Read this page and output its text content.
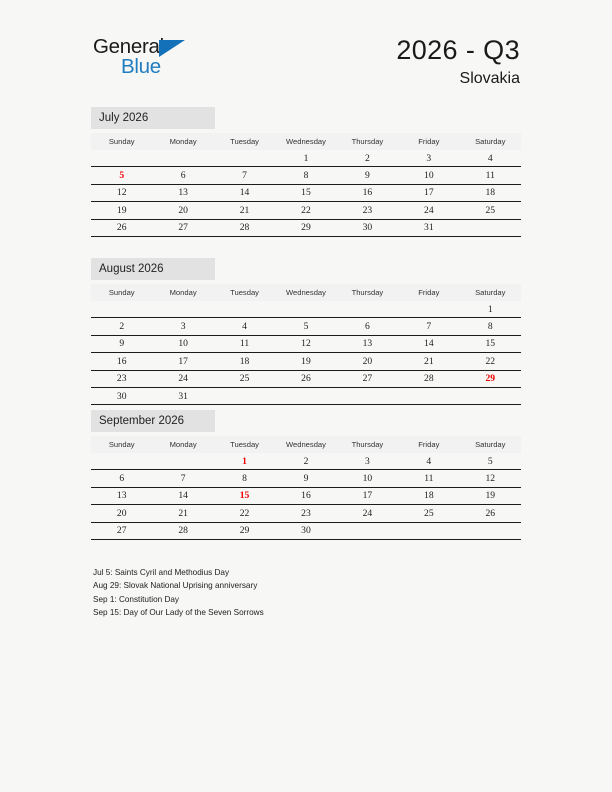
General
Blue
2026 - Q3
Slovakia
July 2026
Sunday	Monday	Tuesday	Wednesday	Thursday	Friday	Saturday
			1	2	3	4
5	6	7	8	9	10	11
12	13	14	15	16	17	18
19	20	21	22	23	24	25
26	27	28	29	30	31	
August 2026
Sunday	Monday	Tuesday	Wednesday	Thursday	Friday	Saturday
						1
2	3	4	5	6	7	8
9	10	11	12	13	14	15
16	17	18	19	20	21	22
23	24	25	26	27	28	29
30	31					
September 2026
Sunday	Monday	Tuesday	Wednesday	Thursday	Friday	Saturday
		1	2	3	4	5
6	7	8	9	10	11	12
13	14	15	16	17	18	19
20	21	22	23	24	25	26
27	28	29	30			
Jul 5: Saints Cyril and Methodius Day
Aug 29: Slovak National Uprising anniversary
Sep 1: Constitution Day
Sep 15: Day of Our Lady of the Seven Sorrows
